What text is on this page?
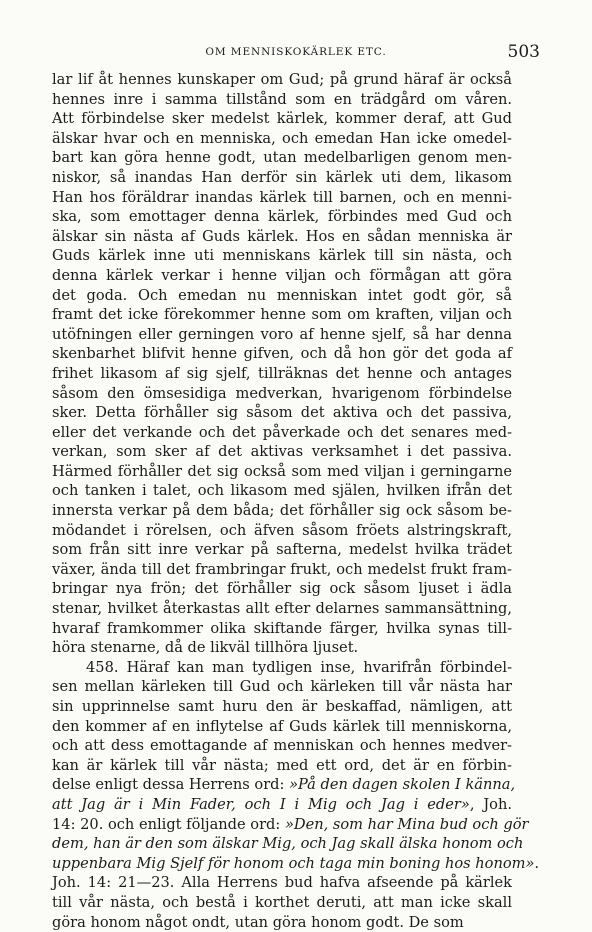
OM MENNISKOKÄRLEK ETC.	503
lar lif åt hennes kunskaper om Gud; på grund häraf är också
hennes inre i samma tillstånd som en trädgård om våren.
Att förbindelse sker medelst kärlek, kommer deraf, att Gud
älskar hvar och en menniska, och emedan Han icke omedel-
bart kan göra henne godt, utan medelbarligen genom men-
niskor, så inandas Han derför sin kärlek uti dem, likasom
Han hos föräldrar inandas kärlek till barnen, och en menni-
ska, som emottager denna kärlek, förbindes med Gud och
älskar sin nästa af Guds kärlek. Hos en sådan menniska är
Guds kärlek inne uti menniskans kärlek till sin nästa, och
denna kärlek verkar i henne viljan och förmågan att göra
det goda. Och emedan nu menniskan intet godt gör, så
framt det icke förekommer henne som om kraften, viljan och
utöfningen eller gerningen voro af henne sjelf, så har denna
skenbarhet blifvit henne gifven, och då hon gör det goda af
frihet likasom af sig sjelf, tillräknas det henne och antages
såsom den ömsesidiga medverkan, hvarigenom förbindelse
sker. Detta förhåller sig såsom det aktiva och det passiva,
eller det verkande och det påverkade och det senares med-
verkan, som sker af det aktivas verksamhet i det passiva.
Härmed förhåller det sig också som med viljan i gerningarne
och tanken i talet, och likasom med själen, hvilken ifrån det
innersta verkar på dem båda; det förhåller sig ock såsom be-
mödandet i rörelsen, och äfven såsom fröets alstringskraft,
som från sitt inre verkar på safterna, medelst hvilka trädet
växer, ända till det frambringar frukt, och medelst frukt fram-
bringar nya frön; det förhåller sig ock såsom ljuset i ädla
stenar, hvilket återkastas allt efter delarnes sammansättning,
hvaraf framkommer olika skiftande färger, hvilka synas till-
höra stenarne, då de likväl tillhöra ljuset.
458. Häraf kan man tydligen inse, hvarifrån förbindel-
sen mellan kärleken till Gud och kärleken till vår nästa har
sin upprinnelse samt huru den är beskaffad, nämligen, att
den kommer af en inflytelse af Guds kärlek till menniskorna,
och att dess emottagande af menniskan och hennes medver-
kan är kärlek till vår nästa; med ett ord, det är en förbin-
delse enligt dessa Herrens ord: »På den dagen skolen I känna,
att Jag är i Min Fader, och I i Mig och Jag i eder», Joh.
14: 20. och enligt följande ord: »Den, som har Mina bud och gör
dem, han är den som älskar Mig, och Jag skall älska honom och
uppenbara Mig Sjelf för honom och taga min boning hos honom».
Joh. 14: 21—23. Alla Herrens bud hafva afseende på kärlek
till vår nästa, och bestå i korthet deruti, att man icke skall
göra honom något ondt, utan göra honom godt. De som
